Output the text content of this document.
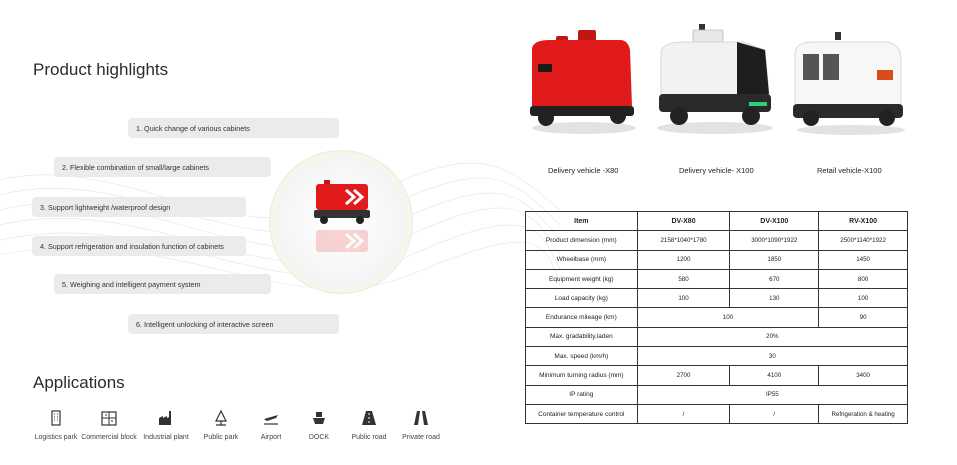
Product highlights
Applications
1. Quick change of various cabinets
2. Flexible combination of small/large cabinets
3. Support lightweight /waterproof design
4. Support refrigeration and insulation function of cabinets
5. Weighing and intelligent payment system
6. Intelligent unlocking of interactive screen
Logistics park Commercial block Industrial plant	Public park	Airport	DOCK	Public road	Private road
Delivery vehicle -X80	Delivery vehicle- X100	Retail vehicle-X100
Item	DV-X80	DV-X100	RV-X100
Product dimension (mm)	2158*1040*1780	3000*1090*1922	2500*1140*1922
Wheelbase (mm)	1200	1850	1450
Equipment weight (kg)	580	670	800
Load capacity (kg)	100	130	100
Endurance mileage (km)	100		90
Max. gradability,laden	20%		
Max. speed (km/h)	30		
Minimum turning radius (mm)	2700	4100	3400
IP rating	IP55		
Container temperature control	/	/	Refrigeration & heating
